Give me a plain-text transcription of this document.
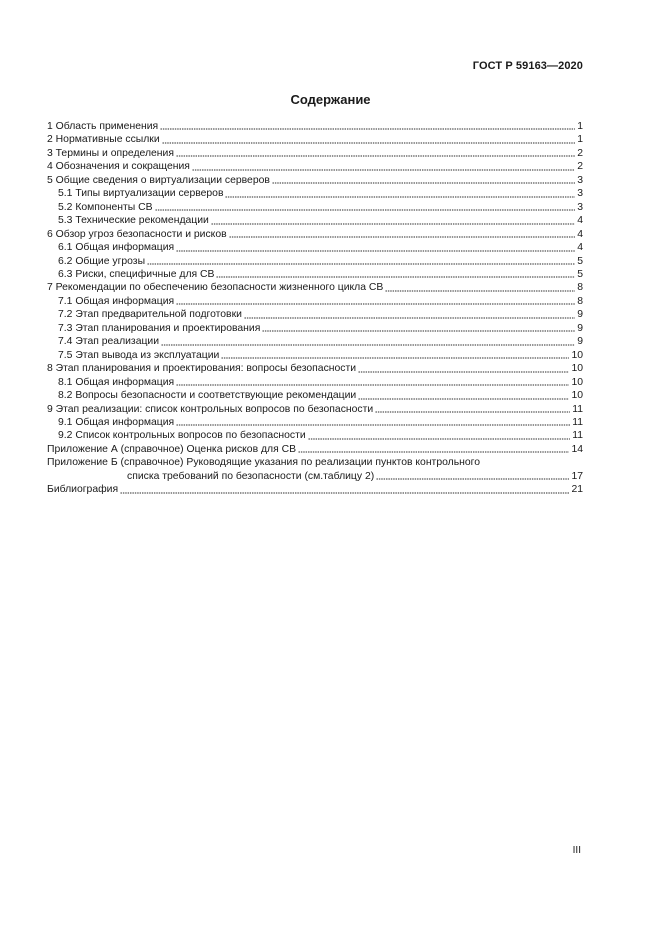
ГОСТ Р 59163—2020
Содержание
1 Область применения	1
2 Нормативные ссылки	1
3 Термины и определения	2
4 Обозначения и сокращения	2
5 Общие сведения о виртуализации серверов	3
5.1 Типы виртуализации серверов	3
5.2 Компоненты СВ	3
5.3 Технические рекомендации	4
6 Обзор угроз безопасности и рисков	4
6.1 Общая информация	4
6.2 Общие угрозы	5
6.3 Риски, специфичные для СВ	5
7 Рекомендации по обеспечению безопасности жизненного цикла СВ	8
7.1 Общая информация	8
7.2 Этап предварительной подготовки	9
7.3 Этап планирования и проектирования	9
7.4 Этап реализации	9
7.5 Этап вывода из эксплуатации	10
8 Этап планирования и проектирования: вопросы безопасности	10
8.1 Общая информация	10
8.2 Вопросы безопасности и соответствующие рекомендации	10
9 Этап реализации: список контрольных вопросов по безопасности	11
9.1 Общая информация	11
9.2 Список контрольных вопросов по безопасности	11
Приложение А (справочное) Оценка рисков для СВ	14
Приложение Б (справочное) Руководящие указания по реализации пунктов контрольного
списка требований по безопасности (см.таблицу 2)	17
Библиография	21
III
